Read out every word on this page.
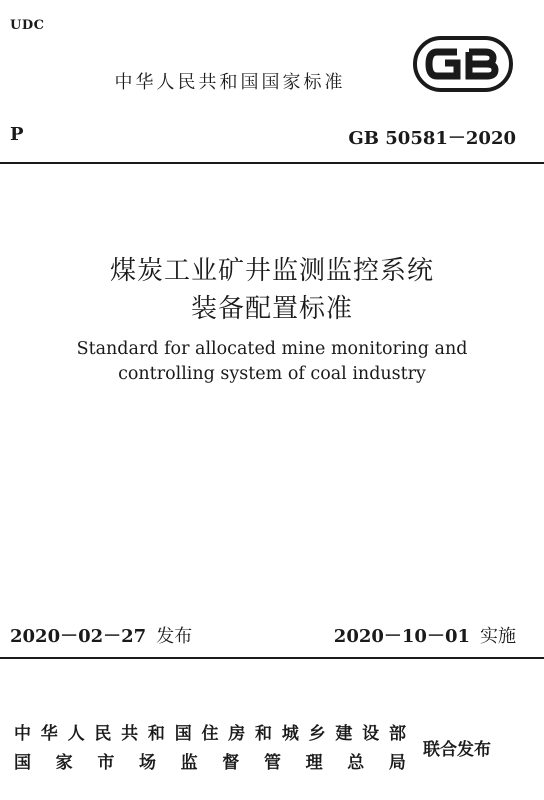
UDC
中华人民共和国国家标准
P	GB 50581－2020
煤炭工业矿井监测监控系统
装备配置标准
Standard for allocated mine monitoring and
controlling system of coal industry
2020－02－27 发布	2020－10－01 实施
中 华 人 民 共 和 国 住 房 和 城 乡 建 设 部
国 家 市 场 监 督 管 理 总 局
联合发布
